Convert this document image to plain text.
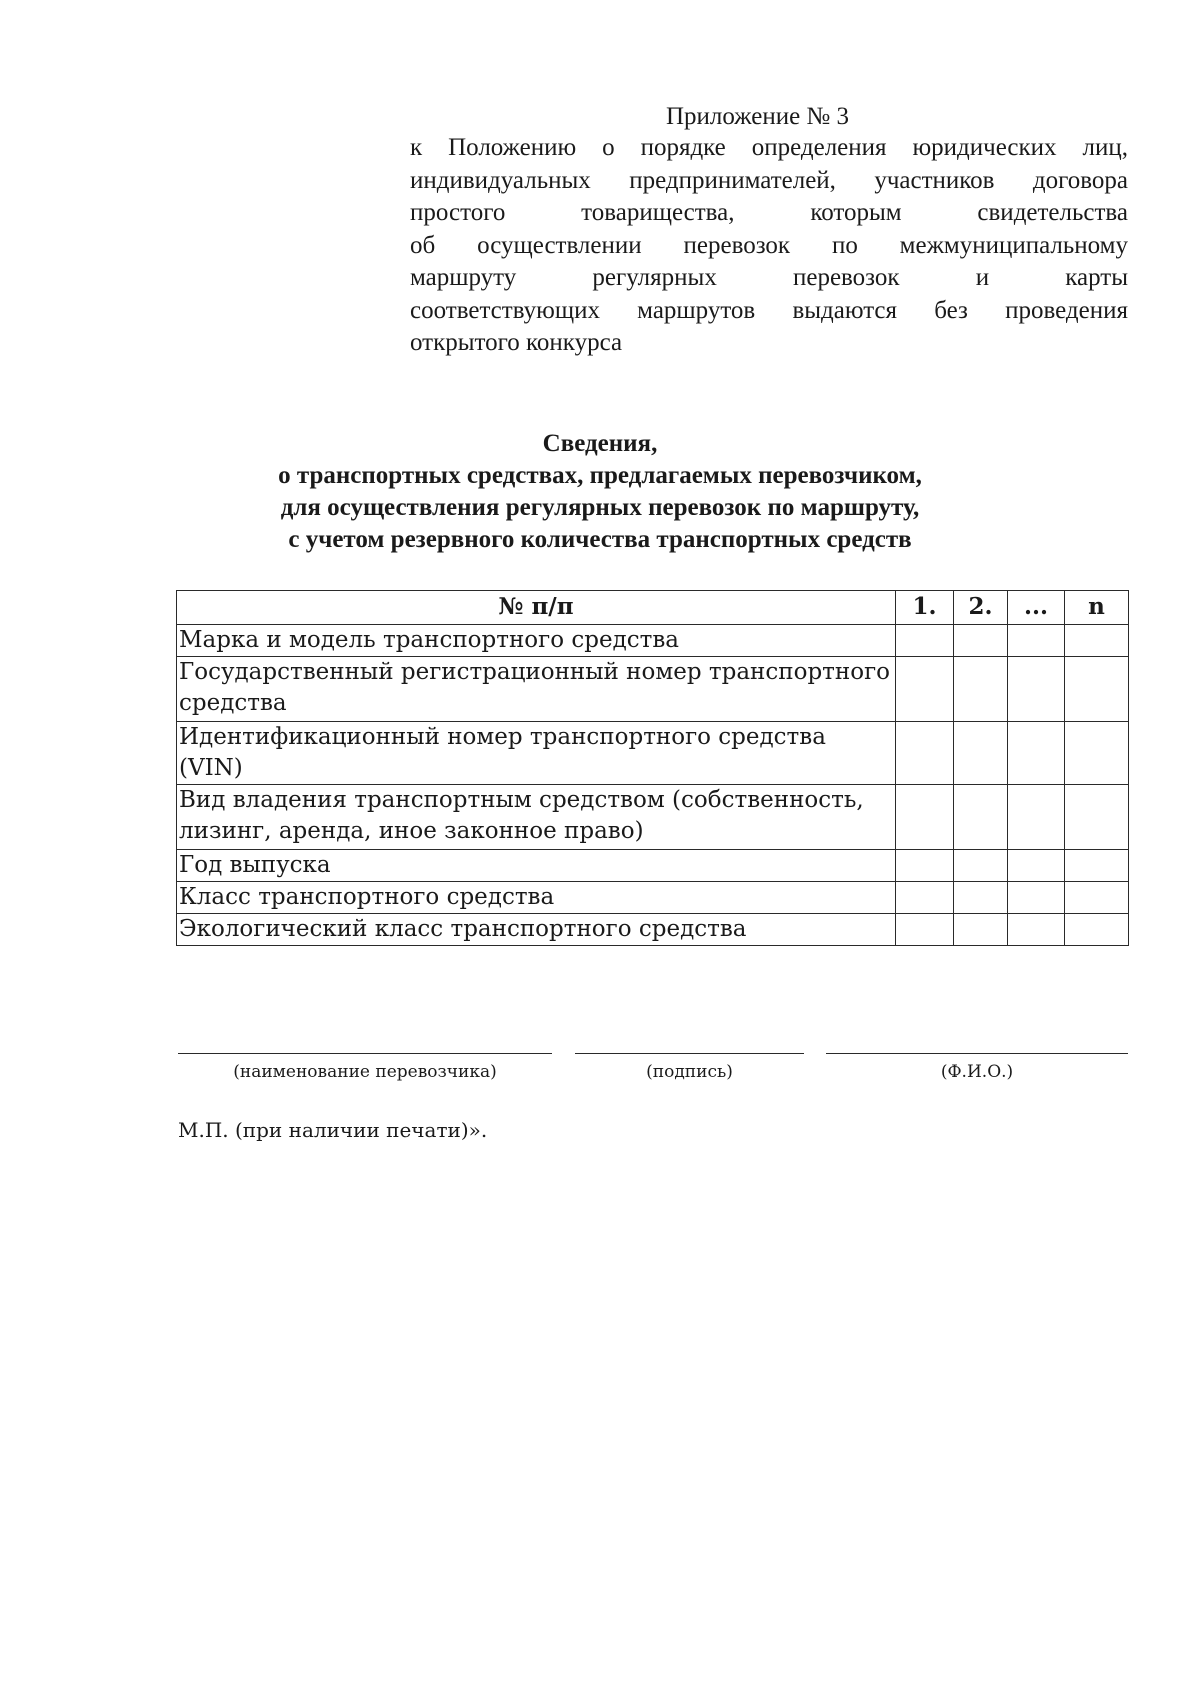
Приложение № 3
к Положению о порядке определения юридических лиц,
индивидуальных предпринимателей, участников договора
простого товарищества, которым свидетельства
об осуществлении перевозок по межмуниципальному
маршруту регулярных перевозок и карты
соответствующих маршрутов выдаются без проведения
открытого конкурса
Сведения,
о транспортных средствах, предлагаемых перевозчиком,
для осуществления регулярных перевозок по маршруту,
с учетом резервного количества транспортных средств
№ п/п	1.	2.	...	n
Марка и модель транспортного средства				
Государственный регистрационный номер транспортного средства				
Идентификационный номер транспортного средства (VIN)				
Вид владения транспортным средством (собственность, лизинг, аренда, иное законное право)				
Год выпуска				
Класс транспортного средства				
Экологический класс транспортного средства				
(наименование перевозчика)	(подпись)	(Ф.И.О.)
М.П. (при наличии печати)».
